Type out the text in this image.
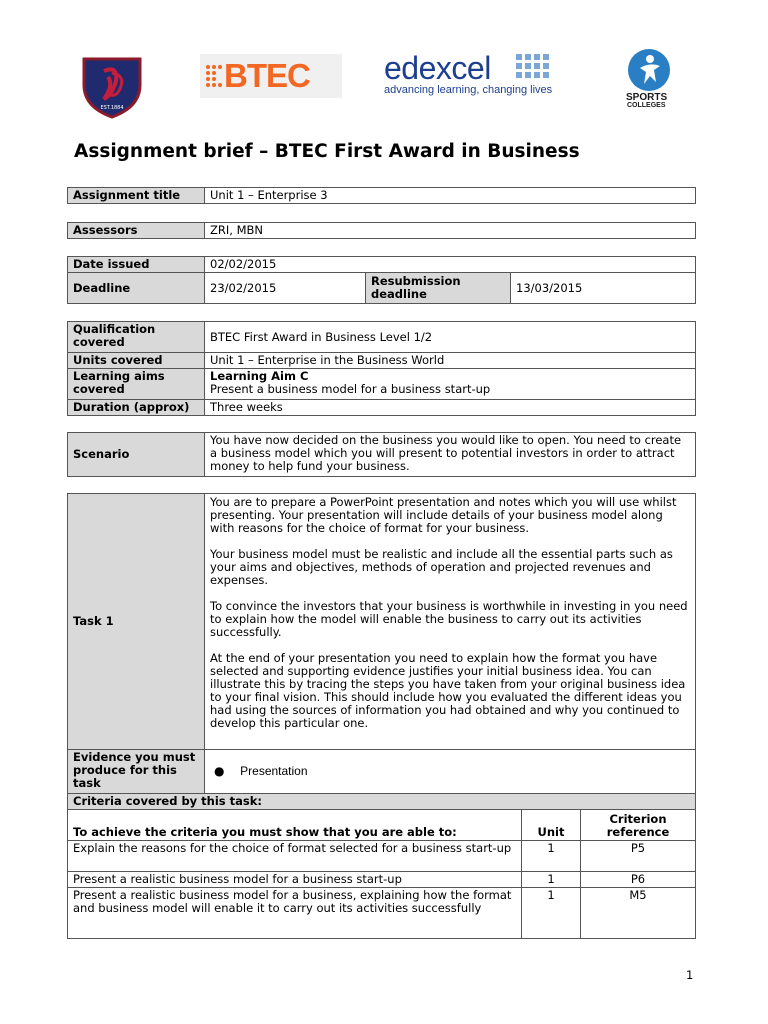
EST.1884
BTEC edexcel
advancing learning, changing lives
SPORTS
COLLEGES
Assignment brief – BTEC First Award in Business
Assignment title	Unit 1 – Enterprise 3
Assessors	ZRI, MBN
Date issued	02/02/2015		
Deadline	23/02/2015	Resubmission deadline	13/03/2015
Qualification covered	BTEC First Award in Business Level 1/2
Units covered	Unit 1 – Enterprise in the Business World
Learning aims covered	Learning Aim C
Present a business model for a business start-up

Duration (approx)	Three weeks
Scenario	You have now decided on the business you would like to open. You need to create a business model which you will present to potential investors in order to attract money to help fund your business.
Task 1	You are to prepare a PowerPoint presentation and notes which you will use whilst presenting. Your presentation will include details of your business model along with reasons for the choice of format for your business.
Your business model must be realistic and include all the essential parts such as your aims and objectives, methods of operation and projected revenues and expenses.
To convince the investors that your business is worthwhile in investing in you need to explain how the model will enable the business to carry out its activities successfully.
At the end of your presentation you need to explain how the format you have selected and supporting evidence justifies your initial business idea. You can illustrate this by tracing the steps you have taken from your original business idea to your final vision. This should include how you evaluated the different ideas you had using the sources of information you had obtained and why you continued to develop this particular one.		

Evidence you must produce for this task	● Presentation		
Criteria covered by this task:			
To achieve the criteria you must show that you are able to:		Unit	Criterion reference
Explain the reasons for the choice of format selected for a business start-up		1	P5
Present a realistic business model for a business start-up		1	P6
Present a realistic business model for a business, explaining how the format and business model will enable it to carry out its activities successfully		1	M5
1
